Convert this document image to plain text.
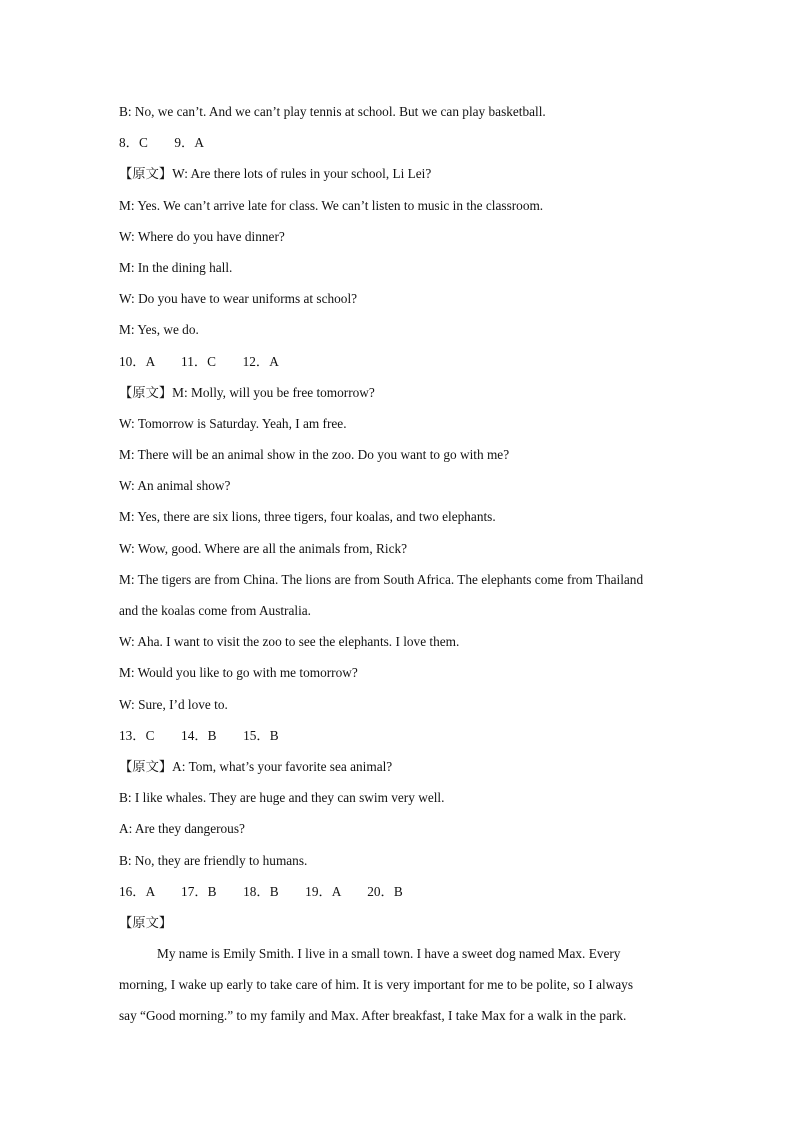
B: No, we can’t. And we can’t play tennis at school. But we can play basketball.
8．C        9．A
【原文】W: Are there lots of rules in your school, Li Lei?
M: Yes. We can’t arrive late for class. We can’t listen to music in the classroom.
W: Where do you have dinner?
M: In the dining hall.
W: Do you have to wear uniforms at school?
M: Yes, we do.
10．A        11．C        12．A
【原文】M: Molly, will you be free tomorrow?
W: Tomorrow is Saturday. Yeah, I am free.
M: There will be an animal show in the zoo. Do you want to go with me?
W: An animal show?
M: Yes, there are six lions, three tigers, four koalas, and two elephants.
W: Wow, good. Where are all the animals from, Rick?
M: The tigers are from China. The lions are from South Africa. The elephants come from Thailand
and the koalas come from Australia.
W: Aha. I want to visit the zoo to see the elephants. I love them.
M: Would you like to go with me tomorrow?
W: Sure, I’d love to.
13．C        14．B        15．B
【原文】A: Tom, what’s your favorite sea animal?
B: I like whales. They are huge and they can swim very well.
A: Are they dangerous?
B: No, they are friendly to humans.
16．A        17．B        18．B        19．A        20．B
【原文】
My name is Emily Smith. I live in a small town. I have a sweet dog named Max. Every
morning, I wake up early to take care of him. It is very important for me to be polite, so I always
say “Good morning.” to my family and Max. After breakfast, I take Max for a walk in the park.
